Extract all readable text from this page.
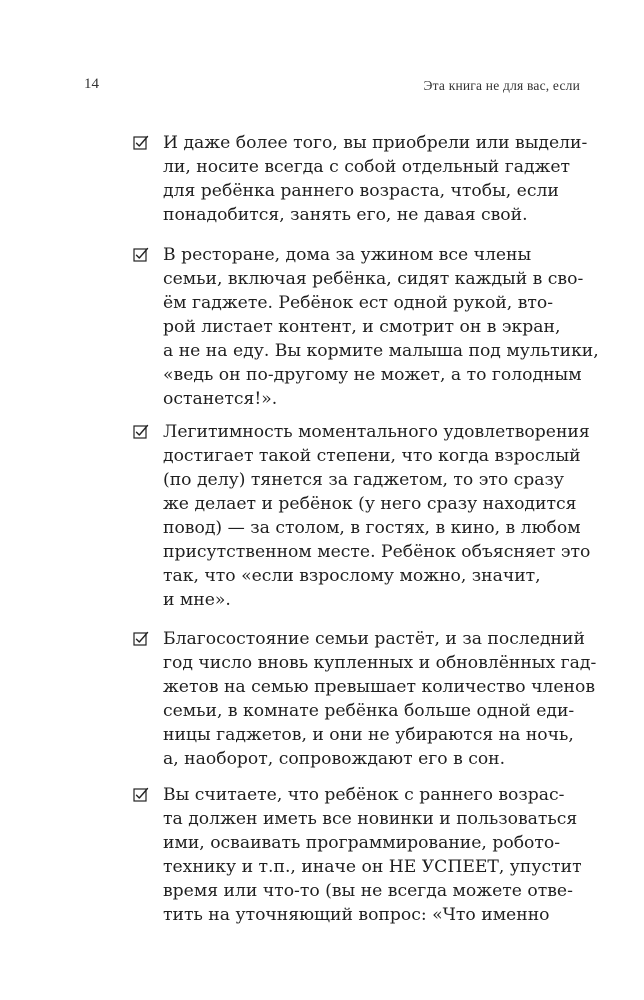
14	Эта книга не для вас, если
И даже более того, вы приобрели или выдели-
ли, носите всегда с собой отдельный гаджет
для ребёнка раннего возраста, чтобы, если
понадобится, занять его, не давая свой.
В ресторане, дома за ужином все члены
семьи, включая ребёнка, сидят каждый в сво-
ём гаджете. Ребёнок ест одной рукой, вто-
рой листает контент, и смотрит он в экран,
а не на еду. Вы кормите малыша под мультики,
«ведь он по-другому не может, а то голодным
останется!».
Легитимность моментального удовлетворения
достигает такой степени, что когда взрослый
(по делу) тянется за гаджетом, то это сразу
же делает и ребёнок (у него сразу находится
повод) — за столом, в гостях, в кино, в любом
присутственном месте. Ребёнок объясняет это
так, что «если взрослому можно, значит,
и мне».
Благосостояние семьи растёт, и за последний
год число вновь купленных и обновлённых гад-
жетов на семью превышает количество членов
семьи, в комнате ребёнка больше одной еди-
ницы гаджетов, и они не убираются на ночь,
а, наоборот, сопровождают его в сон.
Вы считаете, что ребёнок с раннего возрас-
та должен иметь все новинки и пользоваться
ими, осваивать программирование, робото-
технику и т.п., иначе он НЕ УСПЕЕТ, упустит
время или что-то (вы не всегда можете отве-
тить на уточняющий вопрос: «Что именно
